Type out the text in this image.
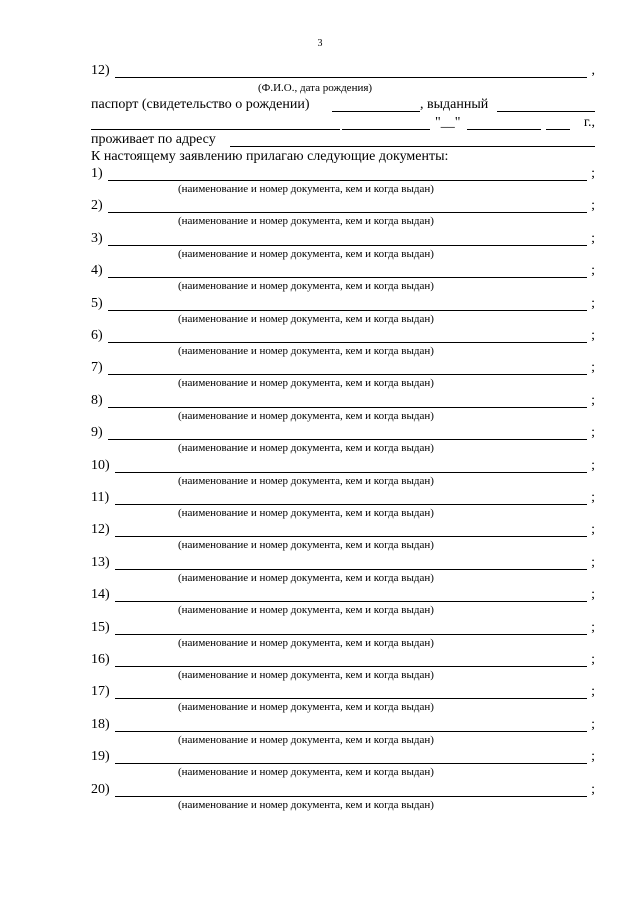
3
12)	,
(Ф.И.О., дата рождения)
паспорт (свидетельство о рождении)	, выданный
"__"	г.,
проживает по адресу
К настоящему заявлению прилагаю следующие документы:
1)	;
(наименование и номер документа, кем и когда выдан)
2)	;
(наименование и номер документа, кем и когда выдан)
3)	;
(наименование и номер документа, кем и когда выдан)
4)	;
(наименование и номер документа, кем и когда выдан)
5)	;
(наименование и номер документа, кем и когда выдан)
6)	;
(наименование и номер документа, кем и когда выдан)
7)	;
(наименование и номер документа, кем и когда выдан)
8)	;
(наименование и номер документа, кем и когда выдан)
9)	;
(наименование и номер документа, кем и когда выдан)
10)	;
(наименование и номер документа, кем и когда выдан)
11)	;
(наименование и номер документа, кем и когда выдан)
12)	;
(наименование и номер документа, кем и когда выдан)
13)	;
(наименование и номер документа, кем и когда выдан)
14)	;
(наименование и номер документа, кем и когда выдан)
15)	;
(наименование и номер документа, кем и когда выдан)
16)	;
(наименование и номер документа, кем и когда выдан)
17)	;
(наименование и номер документа, кем и когда выдан)
18)	;
(наименование и номер документа, кем и когда выдан)
19)	;
(наименование и номер документа, кем и когда выдан)
20)	;
(наименование и номер документа, кем и когда выдан)
